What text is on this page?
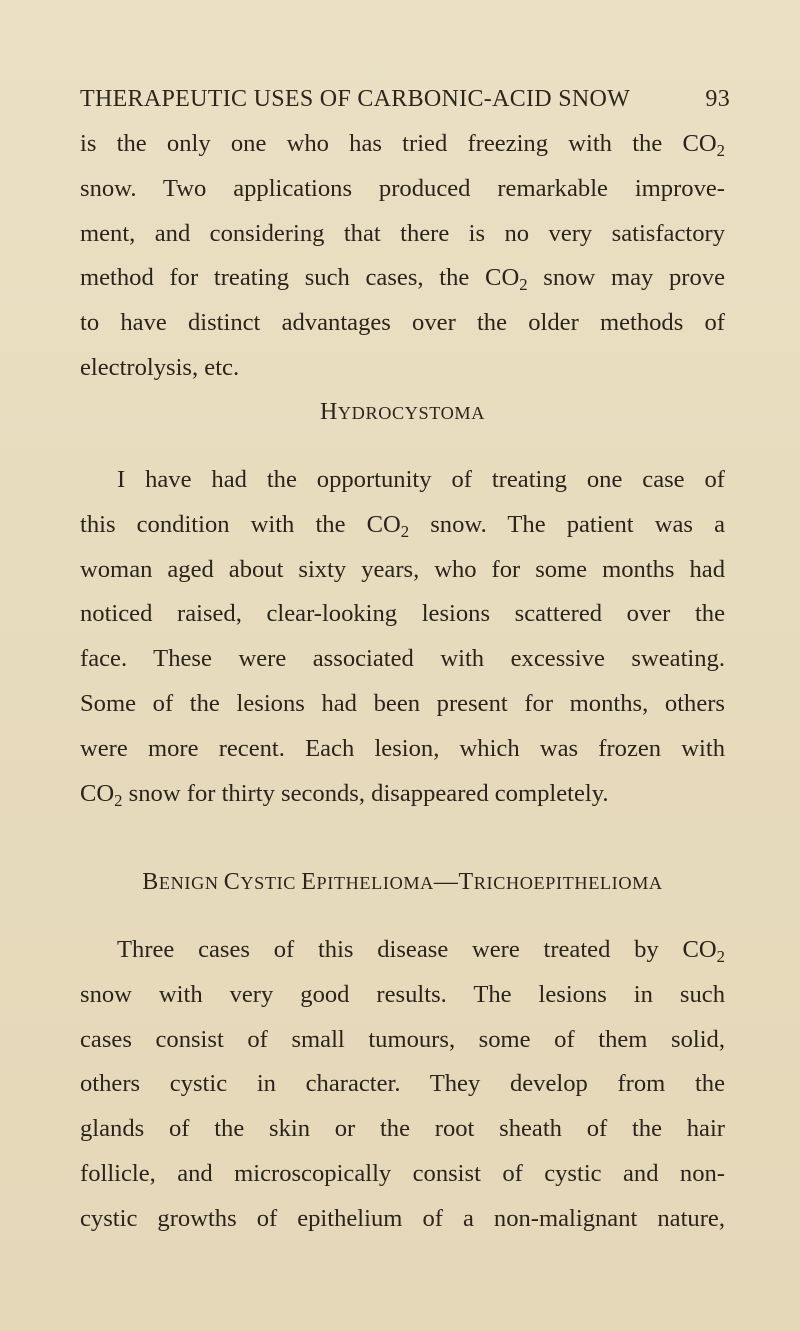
THERAPEUTIC USES OF CARBONIC-ACID SNOW	93
is the only one who has tried freezing with the $CO_2$
snow. Two applications produced remarkable improve-
ment, and considering that there is no very satisfactory
method for treating such cases, the $CO_2$ snow may prove
to have distinct advantages over the older methods of
electrolysis, etc.
HYDROCYSTOMA
I have had the opportunity of treating one case of
this condition with the $CO_2$ snow. The patient was a
woman aged about sixty years, who for some months had
noticed raised, clear-looking lesions scattered over the
face. These were associated with excessive sweating.
Some of the lesions had been present for months, others
were more recent. Each lesion, which was frozen with
$CO_2$ snow for thirty seconds, disappeared completely.
BENIGN CYSTIC EPITHELIOMA—TRICHOEPITHELIOMA
Three cases of this disease were treated by $CO_2$
snow with very good results. The lesions in such
cases consist of small tumours, some of them solid,
others cystic in character. They develop from the
glands of the skin or the root sheath of the hair
follicle, and microscopically consist of cystic and non-
cystic growths of epithelium of a non-malignant nature,
